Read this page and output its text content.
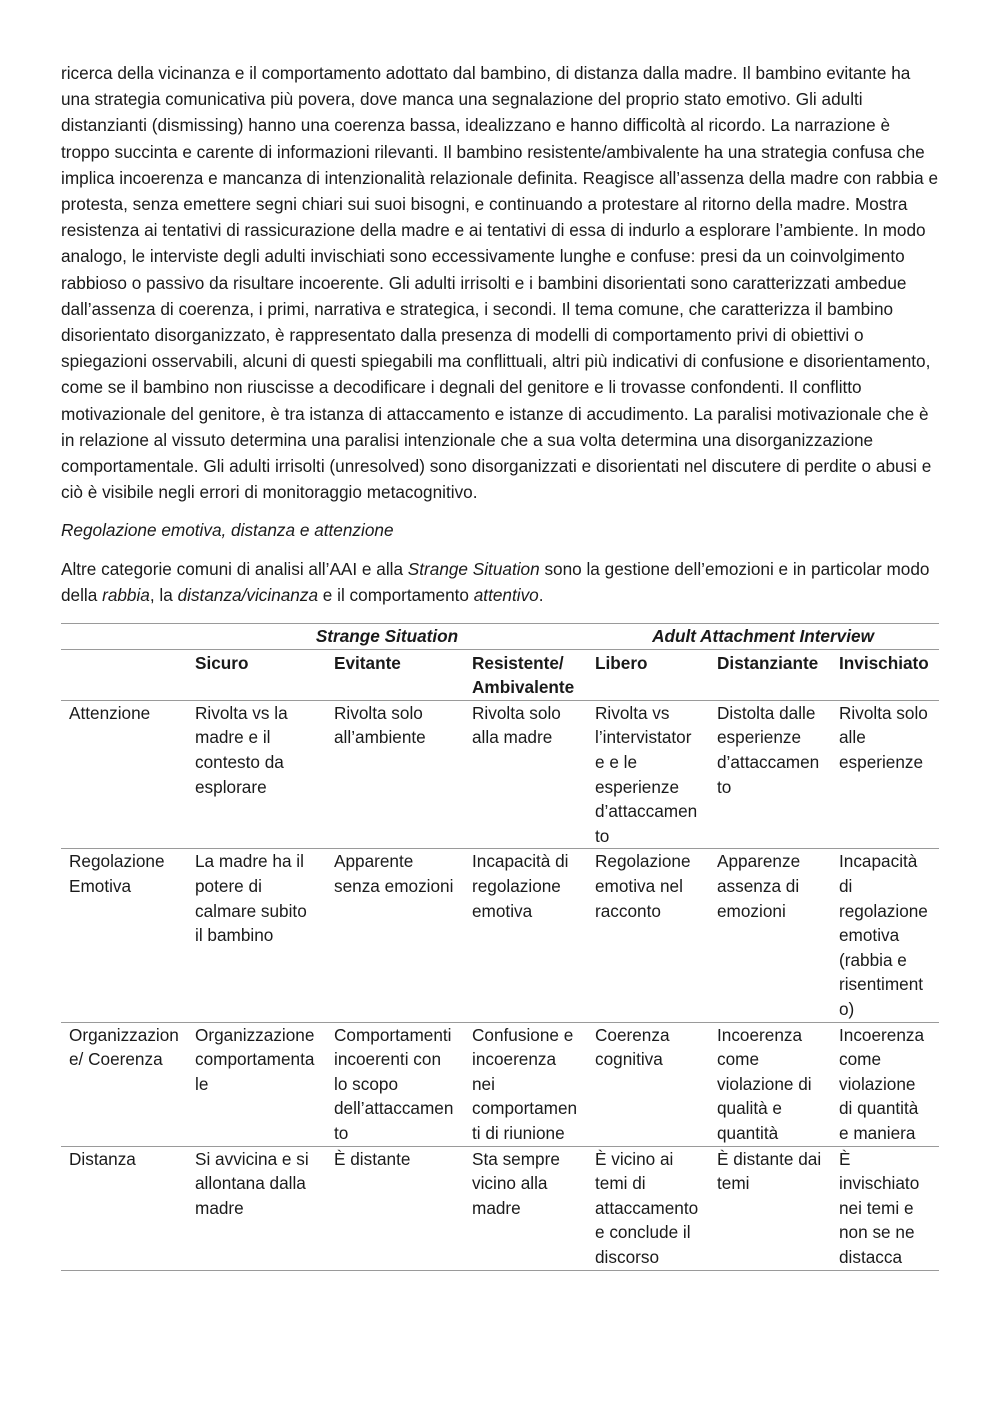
ricerca della vicinanza e il comportamento adottato dal bambino, di distanza dalla madre. Il bambino evitante ha una strategia comunicativa più povera, dove manca una segnalazione del proprio stato emotivo. Gli adulti distanzianti (dismissing) hanno una coerenza bassa, idealizzano e hanno difficoltà al ricordo. La narrazione è troppo succinta e carente di informazioni rilevanti. Il bambino resistente/ambivalente ha una strategia confusa che implica incoerenza e mancanza di intenzionalità relazionale definita. Reagisce all’assenza della madre con rabbia e protesta, senza emettere segni chiari sui suoi bisogni, e continuando a protestare al ritorno della madre. Mostra resistenza ai tentativi di rassicurazione della madre e ai tentativi di essa di indurlo a esplorare l’ambiente. In modo analogo, le interviste degli adulti invischiati sono eccessivamente lunghe e confuse: presi da un coinvolgimento rabbioso o passivo da risultare incoerente. Gli adulti irrisolti e i bambini disorientati sono caratterizzati ambedue dall’assenza di coerenza, i primi, narrativa e strategica, i secondi. Il tema comune, che caratterizza il bambino disorientato disorganizzato, è rappresentato dalla presenza di modelli di comportamento privi di obiettivi o spiegazioni osservabili, alcuni di questi spiegabili ma conflittuali, altri più indicativi di confusione e disorientamento, come se il bambino non riuscisse a decodificare i degnali del genitore e li trovasse confondenti. Il conflitto motivazionale del genitore, è tra istanza di attaccamento e istanze di accudimento. La paralisi motivazionale che è in relazione al vissuto determina una paralisi intenzionale che a sua volta determina una disorganizzazione comportamentale. Gli adulti irrisolti (unresolved) sono disorganizzati e disorientati nel discutere di perdite o abusi e ciò è visibile negli errori di monitoraggio metacognitivo.

Regolazione emotiva, distanza e attenzione

Altre categorie comuni di analisi all’AAI e alla Strange Situation sono la gestione dell’emozioni e in particolar modo della rabbia, la distanza/vicinanza e il comportamento attentivo.

	Strange Situation			Adult Attachment Interview		
	Sicuro	Evitante	Resistente/ Ambivalente	Libero	Distanziante	Invischiato
Attenzione	Rivolta vs la madre e il contesto da esplorare	Rivolta solo all’ambiente	Rivolta solo alla madre	Rivolta vs l’intervistatore e le esperienze d’attaccamento	Distolta dalle esperienze d’attaccamento	Rivolta solo alle esperienze
Regolazione Emotiva	La madre ha il potere di calmare subito il bambino	Apparente senza emozioni	Incapacità di regolazione emotiva	Regolazione emotiva nel racconto	Apparenze assenza di emozioni	Incapacità di regolazione emotiva (rabbia e risentimento)
Organizzazione/ Coerenza	Organizzazione comportamentale	Comportamenti incoerenti con lo scopo dell’attaccamento	Confusione e incoerenza nei comportamenti di riunione	Coerenza cognitiva	Incoerenza come violazione di qualità e quantità	Incoerenza come violazione di quantità e maniera
Distanza	Si avvicina e si allontana dalla madre	È distante	Sta sempre vicino alla madre	È vicino ai temi di attaccamento e conclude il discorso	È distante dai temi	È invischiato nei temi e non se ne distacca
